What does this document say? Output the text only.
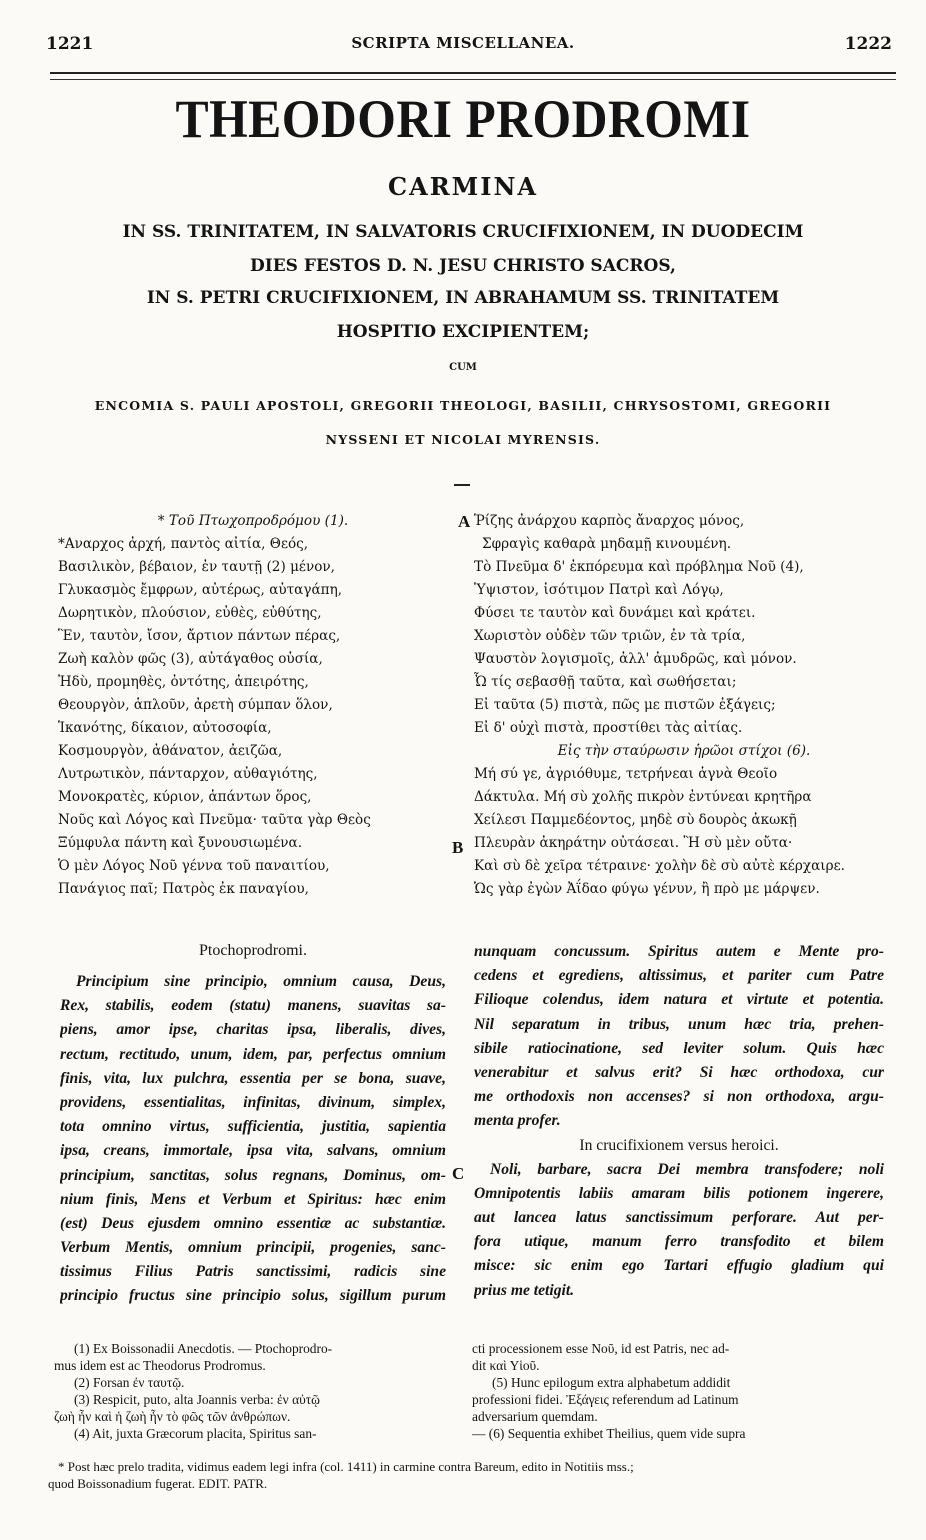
1221	SCRIPTA MISCELLANEA.	1222
THEODORI PRODROMI
CARMINA
IN SS. TRINITATEM, IN SALVATORIS CRUCIFIXIONEM, IN DUODECIM
DIES FESTOS D. N. JESU CHRISTO SACROS,
IN S. PETRI CRUCIFIXIONEM, IN ABRAHAMUM SS. TRINITATEM
HOSPITIO EXCIPIENTEM;
CUM
ENCOMIA S. PAULI APOSTOLI, GREGORII THEOLOGI, BASILII, CHRYSOSTOMI, GREGORII
NYSSENI ET NICOLAI MYRENSIS.
* Τοῦ Πτωχοπροδρόμου (1).
*Αναρχος ἀρχή, παντὸς αἰτία, Θεός,
Βασιλικὸν, βέβαιον, ἐν ταυτῇ (2) μένον,
Γλυκασμὸς ἔμφρων, αὐτέρως, αὐταγάπη,
Δωρητικὸν, πλούσιον, εὐθὲς, εὐθύτης,
Ἓν, ταυτὸν, ἴσον, ἄρτιον πάντων πέρας,
Ζωὴ καλὸν φῶς (3), αὐτάγαθος οὐσία,
Ἠδὺ, προμηθὲς, ὀντότης, ἀπειρότης,
Θεουργὸν, ἁπλοῦν, ἀρετὴ σύμπαν ὅλον,
Ἱκανότης, δίκαιον, αὐτοσοφία,
Κοσμουργὸν, ἀθάνατον, ἀειζῶα,
Λυτρωτικὸν, πάνταρχον, αὐθαγιότης,
Μονοκρατὲς, κύριον, ἁπάντων ὅρος,
Νοῦς καὶ Λόγος καὶ Πνεῦμα· ταῦτα γὰρ Θεὸς
Ξύμφυλα πάντη καὶ ξυνουσιωμένα.
Ὁ μὲν Λόγος Νοῦ γέννα τοῦ παναιτίου,
Πανάγιος παῖ; Πατρὸς ἐκ παναγίου,
A
B
C
Ῥίζης ἀνάρχου καρπὸς ἄναρχος μόνος,
Σφραγὶς καθαρὰ μηδαμῇ κινουμένη.
Τὸ Πνεῦμα δ' ἐκπόρευμα καὶ πρόβλημα Νοῦ (4),
Ὑψιστον, ἰσότιμον Πατρὶ καὶ Λόγῳ,
Φύσει τε ταυτὸν καὶ δυνάμει καὶ κράτει.
Χωριστὸν οὐδὲν τῶν τριῶν, ἐν τὰ τρία,
Ψαυστὸν λογισμοῖς, ἀλλ' ἀμυδρῶς, καὶ μόνον.
Ὦ τίς σεβασθῇ ταῦτα, καὶ σωθήσεται;
Εἰ ταῦτα (5) πιστὰ, πῶς με πιστῶν ἐξάγεις;
Εἰ δ' οὐχὶ πιστὰ, προστίθει τὰς αἰτίας.
Εἰς τὴν σταύρωσιν ἡρῶοι στίχοι (6).
Μή σύ γε, ἀγριόθυμε, τετρήνεαι ἁγνὰ Θεοῖο
Δάκτυλα. Μή σὺ χολῆς πικρὸν ἐντύνεαι κρητῆρα
Χείλεσι Παμμεδέοντος, μηδὲ σὺ δουρὸς ἀκωκῇ
Πλευρὰν ἀκηράτην οὐτάσεαι. Ἢ σὺ μὲν οὔτα·
Καὶ σὺ δὲ χεῖρα τέτραινε· χολὴν δὲ σὺ αὐτὲ κέρχαιρε.
Ὡς γὰρ ἐγὼν Ἀΐδαο φύγω γένυν, ἢ πρὸ με μάρψεν.
Ptochoprodromi.
Principium sine principio, omnium causa, Deus,
Rex, stabilis, eodem (statu) manens, suavitas sa-
piens, amor ipse, charitas ipsa, liberalis, dives,
rectum, rectitudo, unum, idem, par, perfectus omnium
finis, vita, lux pulchra, essentia per se bona, suave,
providens, essentialitas, infinitas, divinum, simplex,
tota omnino virtus, sufficientia, justitia, sapientia
ipsa, creans, immortale, ipsa vita, salvans, omnium
principium, sanctitas, solus regnans, Dominus, om-
nium finis, Mens et Verbum et Spiritus: hæc enim
(est) Deus ejusdem omnino essentiæ ac substantiæ.
Verbum Mentis, omnium principii, progenies, sanc-
tissimus Filius Patris sanctissimi, radicis sine
principio fructus sine principio solus, sigillum purum
nunquam concussum. Spiritus autem e Mente pro-
cedens et egrediens, altissimus, et pariter cum Patre
Filioque colendus, idem natura et virtute et potentia.
Nil separatum in tribus, unum hæc tria, prehen-
sibile ratiocinatione, sed leviter solum. Quis hæc
venerabitur et salvus erit? Si hæc orthodoxa, cur
me orthodoxis non accenses? si non orthodoxa, argu-
menta profer.
In crucifixionem versus heroici.
Noli, barbare, sacra Dei membra transfodere; noli
Omnipotentis labiis amaram bilis potionem ingerere,
aut lancea latus sanctissimum perforare. Aut per-
fora utique, manum ferro transfodito et bilem
misce: sic enim ego Tartari effugio gladium qui
prius me tetigit.
(1) Ex Boissonadii Anecdotis. — Ptochoprodro-
mus idem est ac Theodorus Prodromus.
(2) Forsan ἐν ταυτῷ.
(3) Respicit, puto, alta Joannis verba: ἐν αὐτῷ
ζωὴ ἦν καὶ ἡ ζωὴ ἦν τὸ φῶς τῶν ἀνθρώπων.
(4) Ait, juxta Græcorum placita, Spiritus san-
cti processionem esse Νοῦ, id est Patris, nec ad-
dit καὶ Υἱοῦ.
(5) Hunc epilogum extra alphabetum addidit
professioni fidei. Ἐξάγεις referendum ad Latinum
adversarium quemdam.
— (6) Sequentia exhibet Theilius, quem vide supra
* Post hæc prelo tradita, vidimus eadem legi infra (col. 1411) in carmine contra Bareum, edito in Notitiis mss.;
quod Boissonadium fugerat. EDIT. PATR.
